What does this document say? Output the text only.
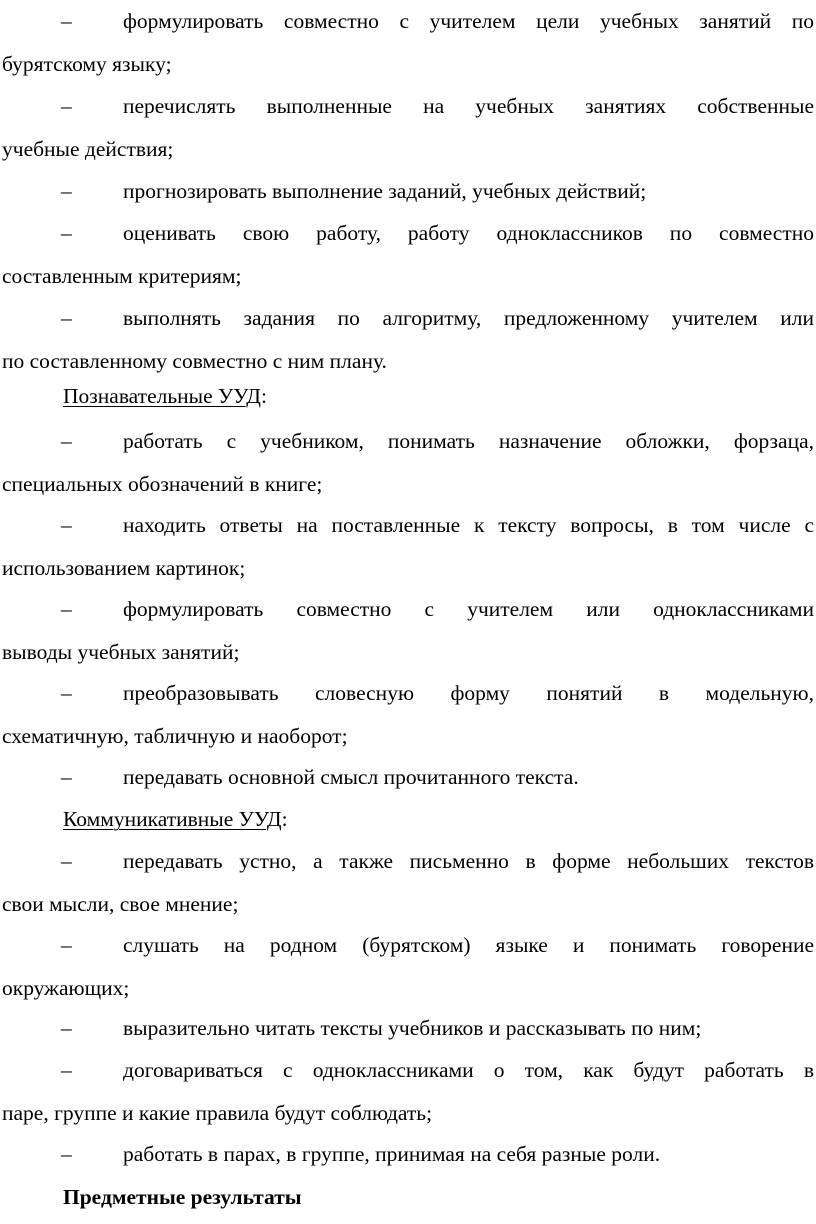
–	формулировать совместно с учителем цели учебных занятий по
бурятскому языку;
–	перечислять выполненные на учебных занятиях собственные
учебные действия;
–	прогнозировать выполнение заданий, учебных действий;
–	оценивать свою работу, работу одноклассников по совместно
составленным критериям;
–	выполнять задания по алгоритму, предложенному учителем или
по составленному совместно с ним плану.
Познавательные УУД:
–	работать с учебником, понимать назначение обложки, форзаца,
специальных обозначений в книге;
–	находить ответы на поставленные к тексту вопросы, в том числе с
использованием картинок;
–	формулировать совместно с учителем или одноклассниками
выводы учебных занятий;
–	преобразовывать словесную форму понятий в модельную,
схематичную, табличную и наоборот;
–	передавать основной смысл прочитанного текста.
Коммуникативные УУД:
–	передавать устно, а также письменно в форме небольших текстов
свои мысли, свое мнение;
–	слушать на родном (бурятском) языке и понимать говорение
окружающих;
–	выразительно читать тексты учебников и рассказывать по ним;
–	договариваться с одноклассниками о том, как будут работать в
паре, группе и какие правила будут соблюдать;
–	работать в парах, в группе, принимая на себя разные роли.
Предметные результаты
